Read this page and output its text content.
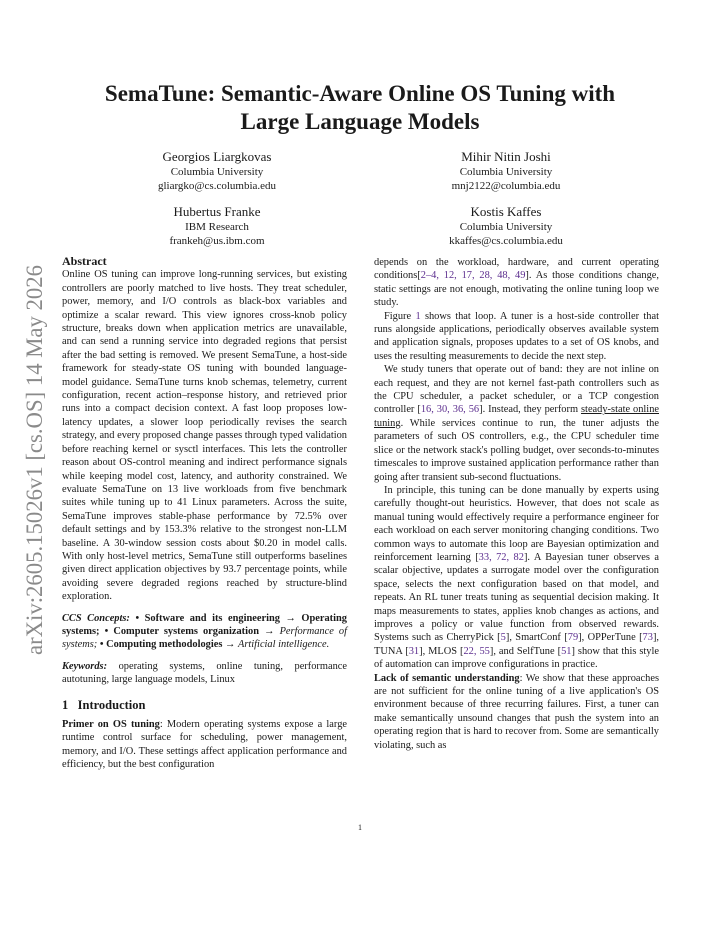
arXiv:2605.15026v1 [cs.OS] 14 May 2026
SemaTune: Semantic-Aware Online OS Tuning with
Large Language Models
Georgios Liargkovas
Columbia University
gliargko@cs.columbia.edu
Mihir Nitin Joshi
Columbia University
mnj2122@columbia.edu
Hubertus Franke
IBM Research
frankeh@us.ibm.com
Kostis Kaffes
Columbia University
kkaffes@cs.columbia.edu

Abstract

Online OS tuning can improve long-running services, but existing controllers are poorly matched to live hosts. They treat scheduler, power, memory, and I/O controls as black-box variables and optimize a scalar reward. This view ignores cross-knob policy structure, breaks down when application metrics are unavailable, and can send a running service into degraded regions that persist after the bad setting is removed. We present SemaTune, a host-side framework for steady-state OS tuning with bounded language-model guidance. SemaTune turns knob schemas, telemetry, current configuration, recent action–response history, and retrieved prior runs into a compact decision context. A fast loop proposes low-latency updates, a slower loop periodically revises the search strategy, and every proposed change passes through typed validation before reaching kernel or sysctl interfaces. This lets the controller reason about OS-control meaning and indirect performance signals while keeping model cost, latency, and authority constrained. We evaluate SemaTune on 13 live workloads from five benchmark suites while tuning up to 41 Linux parameters. Across the suite, SemaTune improves stable-phase performance by 72.5% over default settings and by 153.3% relative to the strongest non-LLM baseline. A 30-window session costs about $0.20 in model calls. With only host-level metrics, SemaTune still outperforms baselines given direct application objectives by 93.7 percentage points, while avoiding severe degraded regions reached by structure-blind exploration.

CCS Concepts: • Software and its engineering → Operating systems; • Computer systems organization → Performance of systems; • Computing methodologies → Artificial intelligence.

Keywords: operating systems, online tuning, performance autotuning, large language models, Linux

1 Introduction

Primer on OS tuning: Modern operating systems expose a large runtime control surface for scheduling, power management, memory, and I/O. These settings affect application performance and efficiency, but the best configuration

depends on the workload, hardware, and current operating conditions[2–4, 12, 17, 28, 48, 49]. As those conditions change, static settings are not enough, motivating the online tuning loop we study.

Figure 1 shows that loop. A tuner is a host-side controller that runs alongside applications, periodically observes available system and application signals, proposes updates to a set of OS knobs, and uses the resulting measurements to decide the next step.

We study tuners that operate out of band: they are not inline on each request, and they are not kernel fast-path controllers such as the CPU scheduler, a packet scheduler, or a TCP congestion controller [16, 30, 36, 56]. Instead, they perform steady-state online tuning. While services continue to run, the tuner adjusts the parameters of such OS controllers, e.g., the CPU scheduler time slice or the network stack's polling budget, over seconds-to-minutes timescales to improve sustained application performance rather than going after transient sub-second fluctuations.

In principle, this tuning can be done manually by experts using carefully thought-out heuristics. However, that does not scale as manual tuning would effectively require a performance engineer for each workload on each server monitoring changing conditions. Two common ways to automate this loop are Bayesian optimization and reinforcement learning [33, 72, 82]. A Bayesian tuner observes a scalar objective, updates a surrogate model over the configuration space, selects the next configuration based on that model, and repeats. An RL tuner treats tuning as sequential decision making. It maps measurements to states, applies knob changes as actions, and improves a policy or value function from observed rewards. Systems such as CherryPick [5], SmartConf [79], OPPerTune [73], TUNA [31], MLOS [22, 55], and SelfTune [51] show that this style of automation can improve configurations in practice.

Lack of semantic understanding: We show that these approaches are not sufficient for the online tuning of a live application's OS environment because of three recurring failures. First, a tuner can make semantically unsound changes that push the system into an operating region that is hard to recover from. Some are semantically violating, such as

1
